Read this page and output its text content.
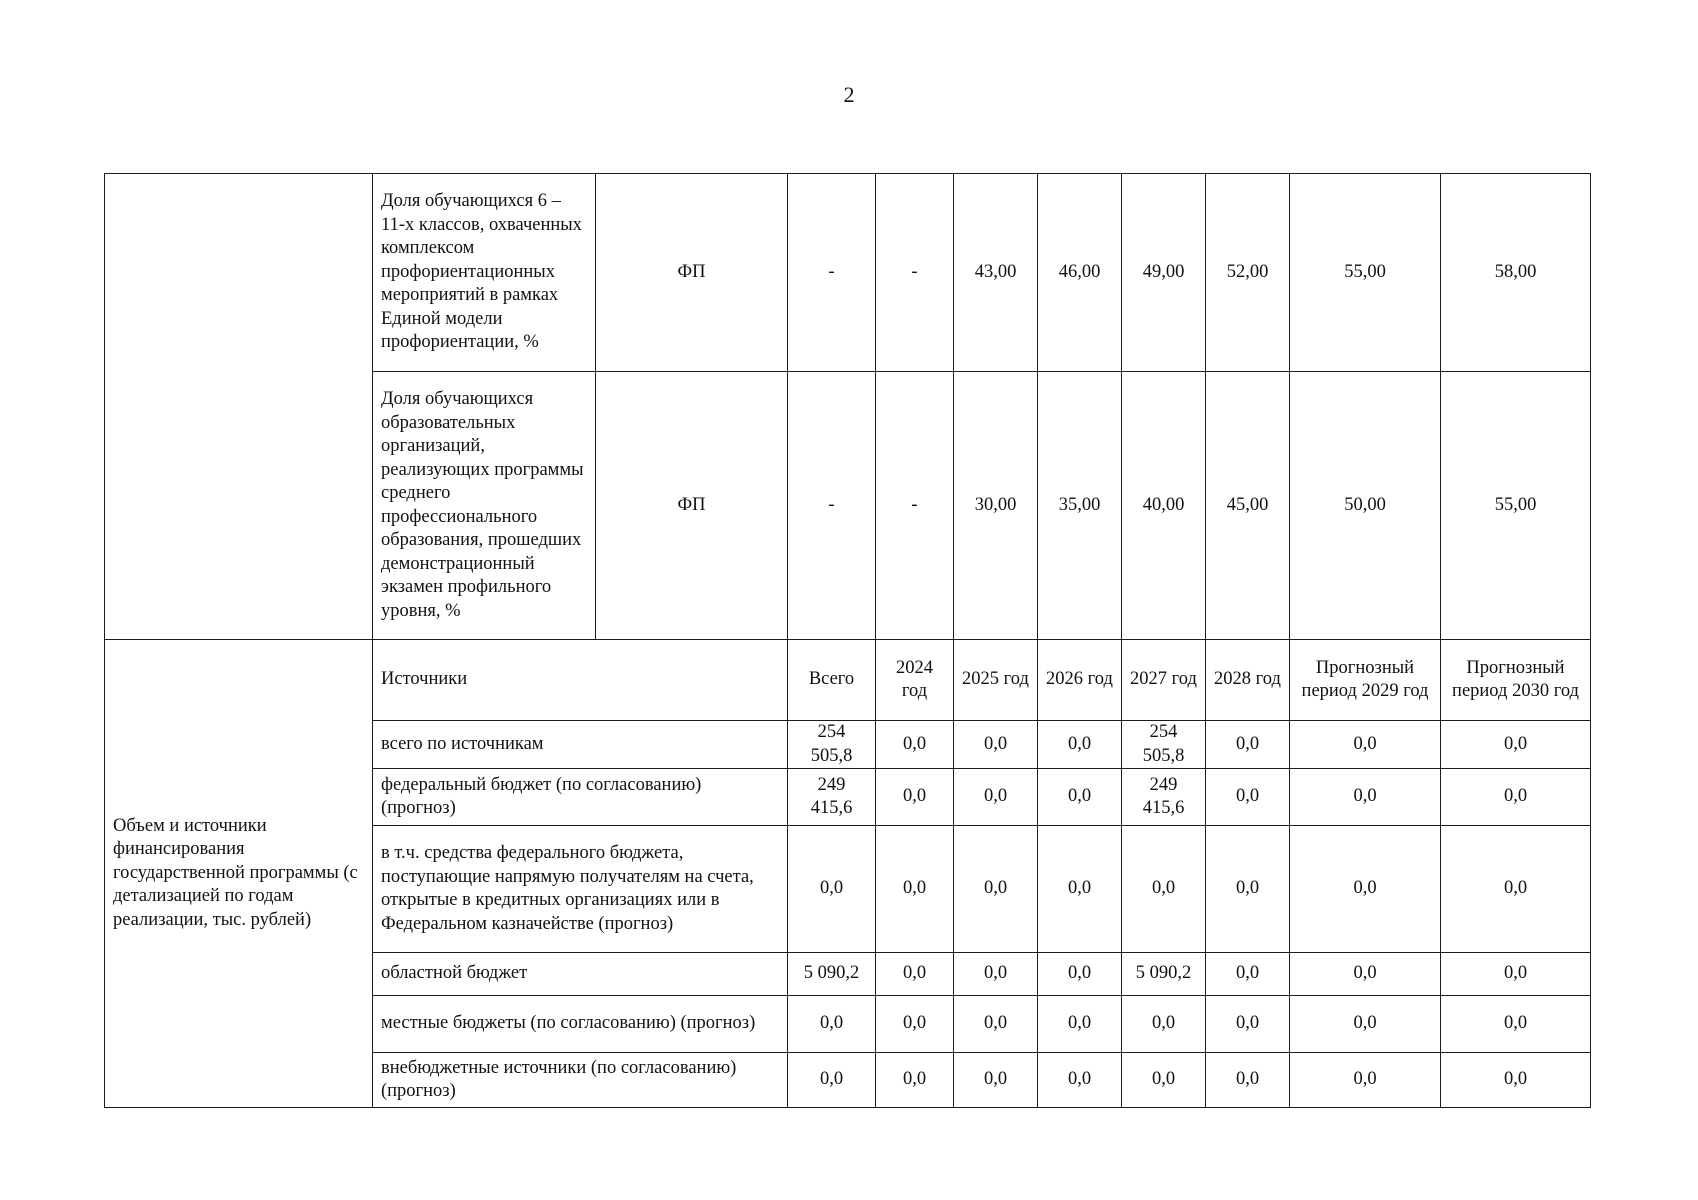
2
	Доля обучающихся 6 – 11-х классов, охваченных комплексом профориентационных мероприятий в рамках Единой модели профориентации, %	ФП	-	-	43,00	46,00	49,00	52,00	55,00	58,00
	Доля обучающихся образовательных организаций, реализующих программы среднего профессионального образования, прошедших демонстрационный экзамен профильного уровня, %	ФП	-	-	30,00	35,00	40,00	45,00	50,00	55,00
Объем и источники финансирования государственной программы (с детализацией по годам реализации, тыс. рублей)	Источники		Всего	2024 год	2025 год	2026 год	2027 год	2028 год	Прогнозный период 2029 год	Прогнозный период 2030 год
	всего по источникам		254 505,8	0,0	0,0	0,0	254 505,8	0,0	0,0	0,0
	федеральный бюджет (по согласованию) (прогноз)		249 415,6	0,0	0,0	0,0	249 415,6	0,0	0,0	0,0
	в т.ч. средства федерального бюджета, поступающие напрямую получателям на счета, открытые в кредитных организациях или в Федеральном казначействе (прогноз)		0,0	0,0	0,0	0,0	0,0	0,0	0,0	0,0
	областной бюджет		5 090,2	0,0	0,0	0,0	5 090,2	0,0	0,0	0,0
	местные бюджеты (по согласованию) (прогноз)		0,0	0,0	0,0	0,0	0,0	0,0	0,0	0,0
	внебюджетные источники (по согласованию) (прогноз)		0,0	0,0	0,0	0,0	0,0	0,0	0,0	0,0
